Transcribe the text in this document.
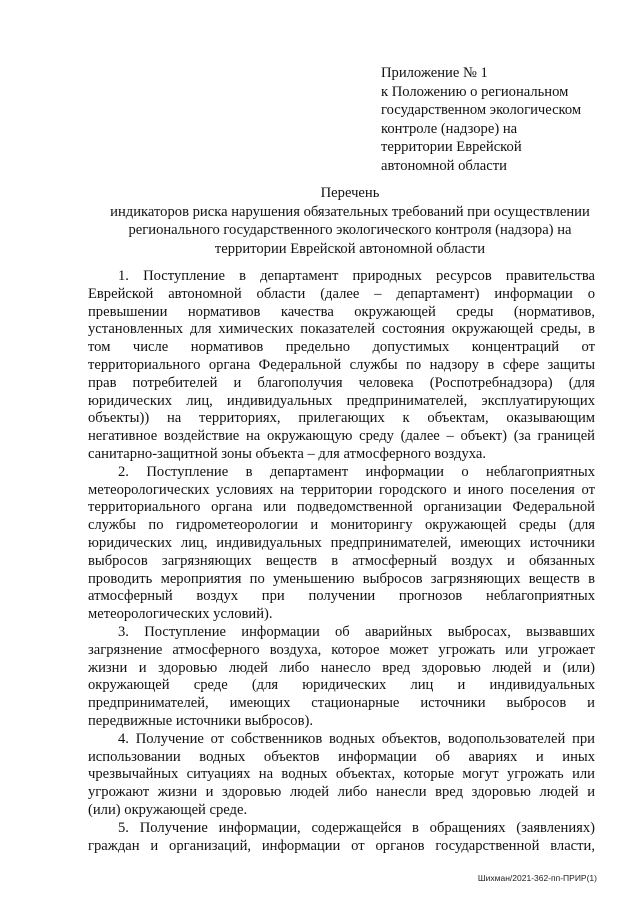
Приложение № 1
к Положению о региональном
государственном экологическом
контроле (надзоре) на
территории Еврейской
автономной области
Перечень
индикаторов риска нарушения обязательных требований при осуществлении
регионального государственного экологического контроля (надзора) на
территории Еврейской автономной области
1. Поступление в департамент природных ресурсов правительства
Еврейской автономной области (далее – департамент) информации о
превышении нормативов качества окружающей среды (нормативов,
установленных для химических показателей состояния окружающей среды, в
том числе нормативов предельно допустимых концентраций от
территориального органа Федеральной службы по надзору в сфере защиты
прав потребителей и благополучия человека (Роспотребнадзора) (для
юридических лиц, индивидуальных предпринимателей, эксплуатирующих
объекты)) на территориях, прилегающих к объектам, оказывающим
негативное воздействие на окружающую среду (далее – объект) (за границей
санитарно-защитной зоны объекта – для атмосферного воздуха.
2. Поступление в департамент информации о неблагоприятных
метеорологических условиях на территории городского и иного поселения от
территориального органа или подведомственной организации Федеральной
службы по гидрометеорологии и мониторингу окружающей среды (для
юридических лиц, индивидуальных предпринимателей, имеющих источники
выбросов загрязняющих веществ в атмосферный воздух и обязанных
проводить мероприятия по уменьшению выбросов загрязняющих веществ в
атмосферный воздух при получении прогнозов неблагоприятных
метеорологических условий).
3. Поступление информации об аварийных выбросах, вызвавших
загрязнение атмосферного воздуха, которое может угрожать или угрожает
жизни и здоровью людей либо нанесло вред здоровью людей и (или)
окружающей среде (для юридических лиц и индивидуальных
предпринимателей, имеющих стационарные источники выбросов и
передвижные источники выбросов).
4. Получение от собственников водных объектов, водопользователей при
использовании водных объектов информации об авариях и иных
чрезвычайных ситуациях на водных объектах, которые могут угрожать или
угрожают жизни и здоровью людей либо нанесли вред здоровью людей и
(или) окружающей среде.
5. Получение информации, содержащейся в обращениях (заявлениях)
граждан и организаций, информации от органов государственной власти,
Шихман/2021-362-пп-ПРИР(1)
